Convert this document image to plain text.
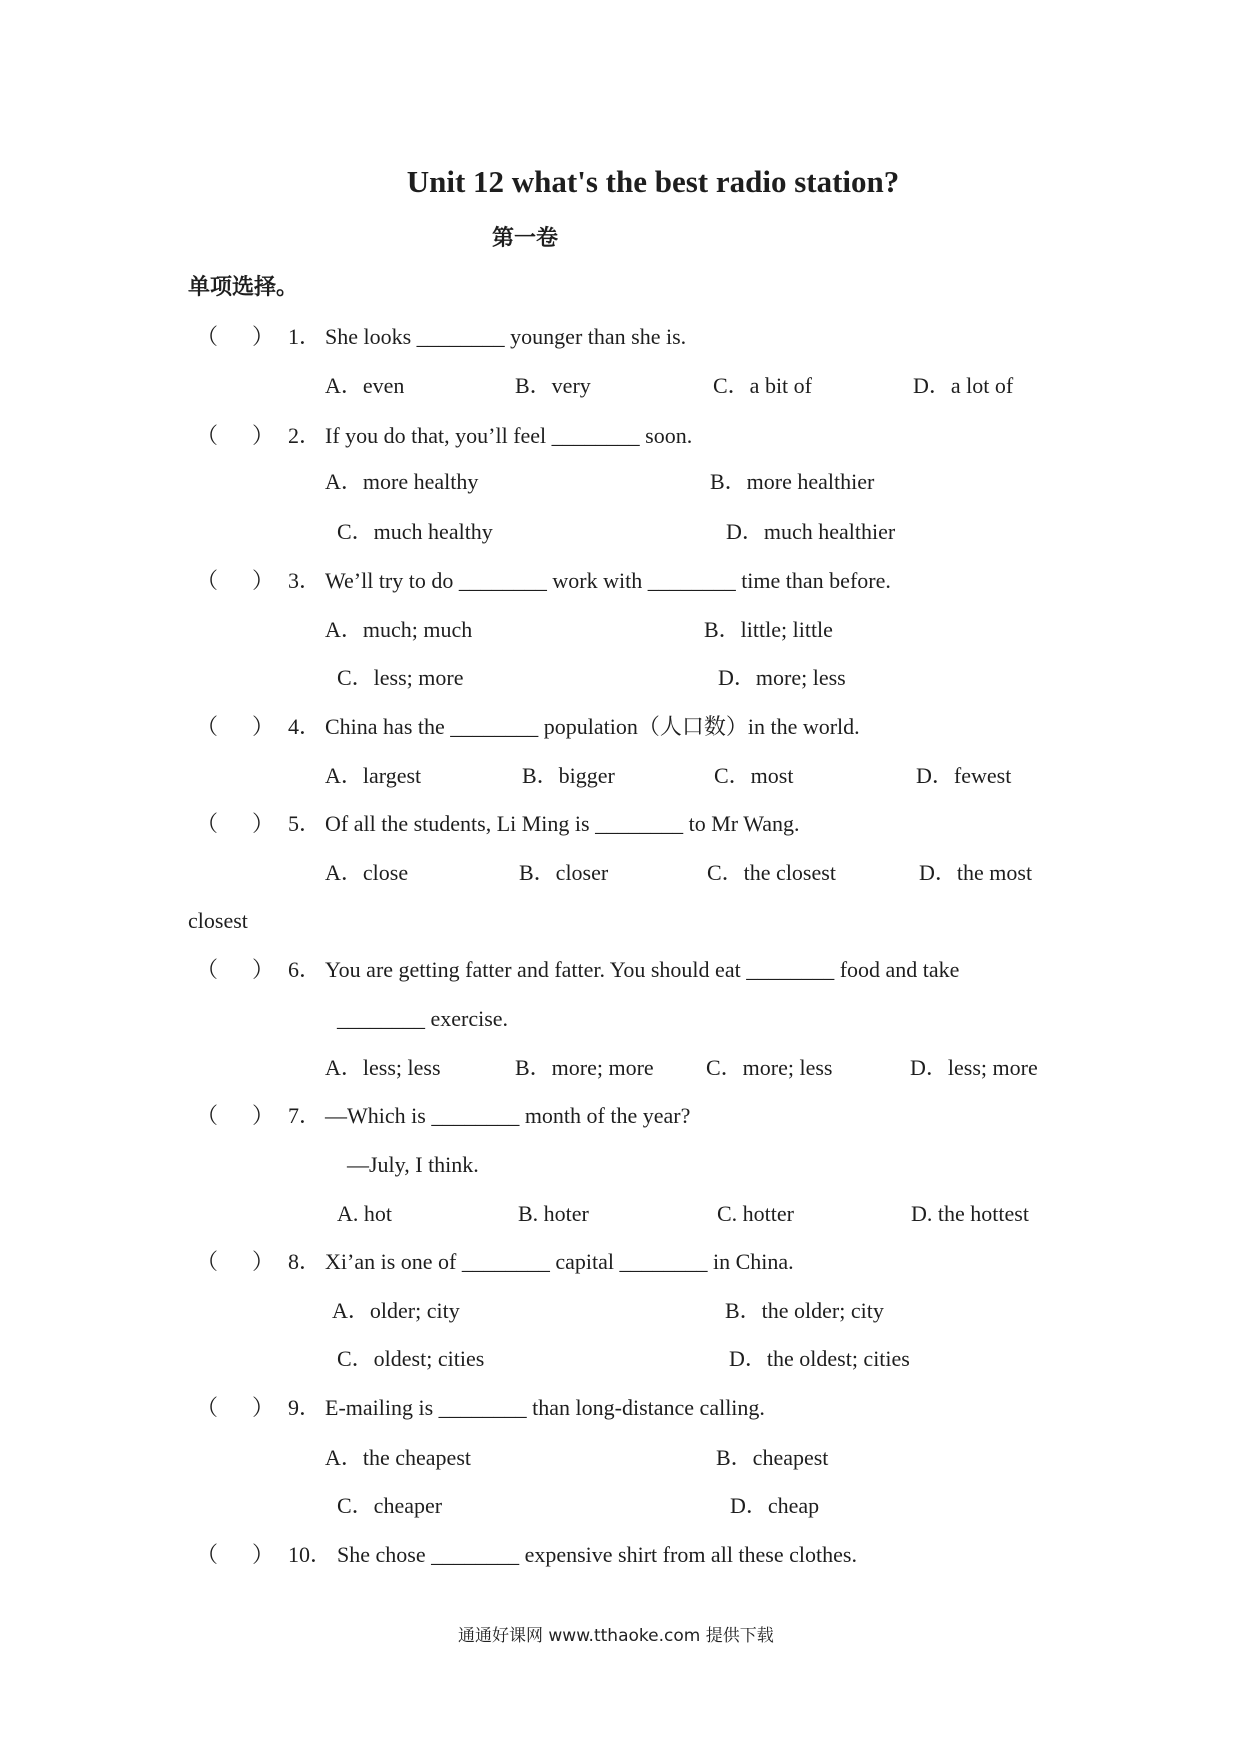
Unit 12 what's the best radio station?
第一卷
单项选择。
（ ） 1． She looks ________ younger than she is.
A．even	B．very	C．a bit of	D．a lot of
（ ） 2． If you do that, you’ll feel ________ soon.
A．more healthy	B．more healthier
C．much healthy	D．much healthier
（ ） 3． We’ll try to do ________ work with ________ time than before.
A．much; much	B．little; little
C．less; more	D．more; less
（ ） 4． China has the ________ population（人口数）in the world.
A．largest	B．bigger	C．most	D．fewest
（ ） 5． Of all the students, Li Ming is ________ to Mr Wang.
A．close	B．closer	C．the closest	D．the most
closest
（ ） 6． You are getting fatter and fatter. You should eat ________ food and take
________ exercise.
A．less; less	B．more; more C．more; less	D．less; more
（ ） 7． —Which is ________ month of the year?
—July, I think.
A. hot	B. hoter	C. hotter	D. the hottest
（ ） 8． Xi’an is one of ________ capital ________ in China.
A．older; city	B．the older; city
C．oldest; cities	D．the oldest; cities
（ ） 9． E-mailing is ________ than long-distance calling.
A．the cheapest	B．cheapest
C．cheaper	D．cheap
（ ） 10． She chose ________ expensive shirt from all these clothes.
通通好课网 www.tthaoke.com 提供下载
